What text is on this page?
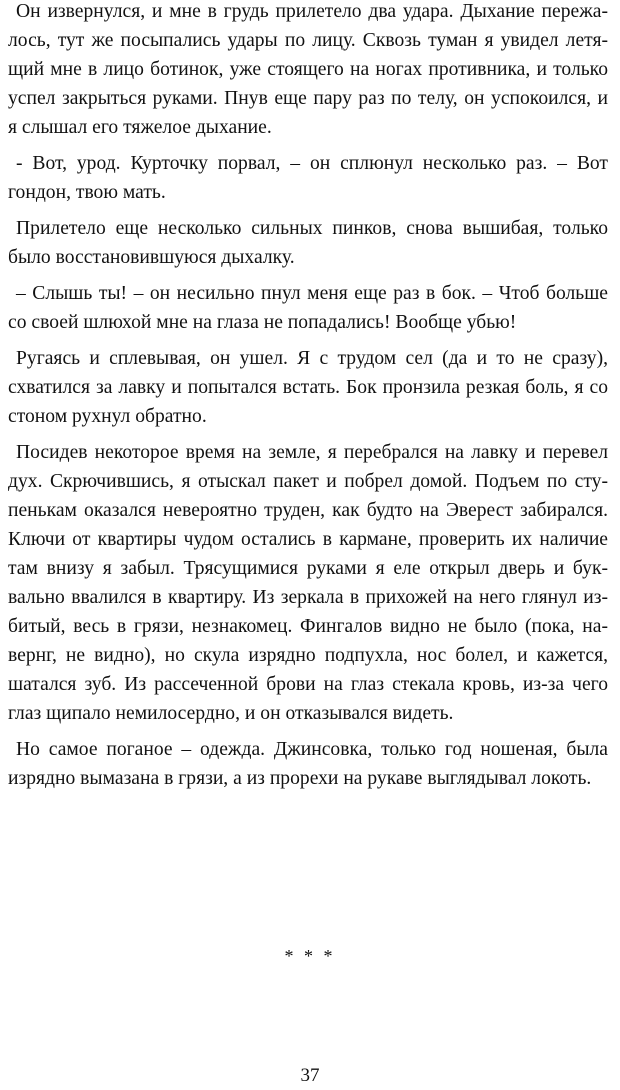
Он извернулся, и мне в грудь прилетело два удара. Дыхание пережа-
лось, тут же посыпались удары по лицу. Сквозь туман я увидел летя-
щий мне в лицо ботинок, уже стоящего на ногах противника, и только
успел закрыться руками. Пнув еще пару раз по телу, он успокоился, и
я слышал его тяжелое дыхание.
- Вот, урод. Курточку порвал, – он сплюнул несколько раз. – Вот
гондон, твою мать.
Прилетело еще несколько сильных пинков, снова вышибая, только
было восстановившуюся дыхалку.
– Слышь ты! – он несильно пнул меня еще раз в бок. – Чтоб больше
со своей шлюхой мне на глаза не попадались! Вообще убью!
Ругаясь и сплевывая, он ушел. Я с трудом сел (да и то не сразу),
схватился за лавку и попытался встать. Бок пронзила резкая боль, я со
стоном рухнул обратно.
Посидев некоторое время на земле, я перебрался на лавку и перевел
дух. Скрючившись, я отыскал пакет и побрел домой. Подъем по сту-
пенькам оказался невероятно труден, как будто на Эверест забирался.
Ключи от квартиры чудом остались в кармане, проверить их наличие
там внизу я забыл. Трясущимися руками я еле открыл дверь и бук-
вально ввалился в квартиру. Из зеркала в прихожей на него глянул из-
битый, весь в грязи, незнакомец. Фингалов видно не было (пока, на-
вернг, не видно), но скула изрядно подпухла, нос болел, и кажется,
шатался зуб. Из рассеченной брови на глаз стекала кровь, из-за чего
глаз щипало немилосердно, и он отказывался видеть.
Но самое поганое – одежда. Джинсовка, только год ношеная, была
изрядно вымазана в грязи, а из прорехи на рукаве выглядывал локоть.
* * *
37
